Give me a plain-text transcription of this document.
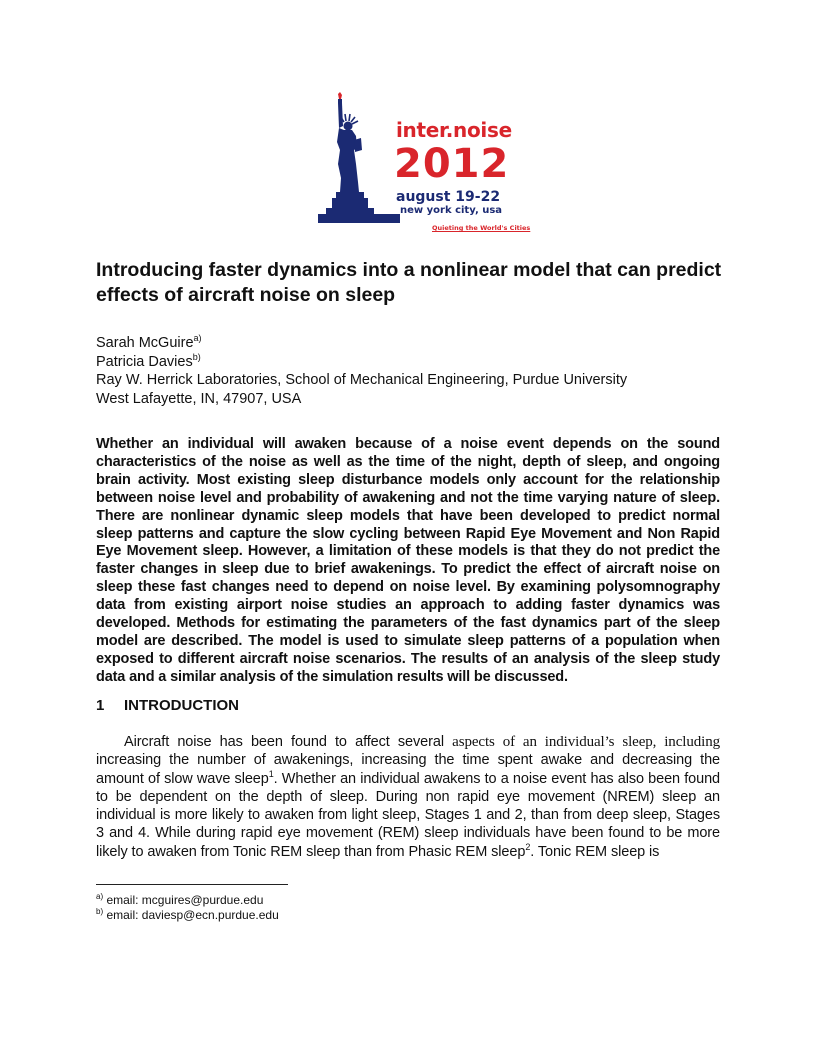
inter.noise
2012
august 19-22
new york city, usa
Quieting the World's Cities
Introducing faster dynamics into a nonlinear model that can predict effects of aircraft noise on sleep
Sarah McGuire$^{a)}$
Patricia Davies$^{b)}$
Ray W. Herrick Laboratories, School of Mechanical Engineering, Purdue University
West Lafayette, IN, 47907, USA

Whether an individual will awaken because of a noise event depends on the sound characteristics of the noise as well as the time of the night, depth of sleep, and ongoing brain activity. Most existing sleep disturbance models only account for the relationship between noise level and probability of awakening and not the time varying nature of sleep. There are nonlinear dynamic sleep models that have been developed to predict normal sleep patterns and capture the slow cycling between Rapid Eye Movement and Non Rapid Eye Movement sleep. However, a limitation of these models is that they do not predict the faster changes in sleep due to brief awakenings. To predict the effect of aircraft noise on sleep these fast changes need to depend on noise level. By examining polysomnography data from existing airport noise studies an approach to adding faster dynamics was developed. Methods for estimating the parameters of the fast dynamics part of the sleep model are described. The model is used to simulate sleep patterns of a population when exposed to different aircraft noise scenarios. The results of an analysis of the sleep study data and a similar analysis of the simulation results will be discussed.

1 INTRODUCTION

Aircraft noise has been found to affect several aspects of an individual’s sleep, including increasing the number of awakenings, increasing the time spent awake and decreasing the amount of slow wave sleep$^1$. Whether an individual awakens to a noise event has also been found to be dependent on the depth of sleep. During non rapid eye movement (NREM) sleep an individual is more likely to awaken from light sleep, Stages 1 and 2, than from deep sleep, Stages 3 and 4. While during rapid eye movement (REM) sleep individuals have been found to be more likely to awaken from Tonic REM sleep than from Phasic REM sleep$^2$. Tonic REM sleep is

$^{a)}$ email: mcguires@purdue.edu
$^{b)}$ email: daviesp@ecn.purdue.edu
